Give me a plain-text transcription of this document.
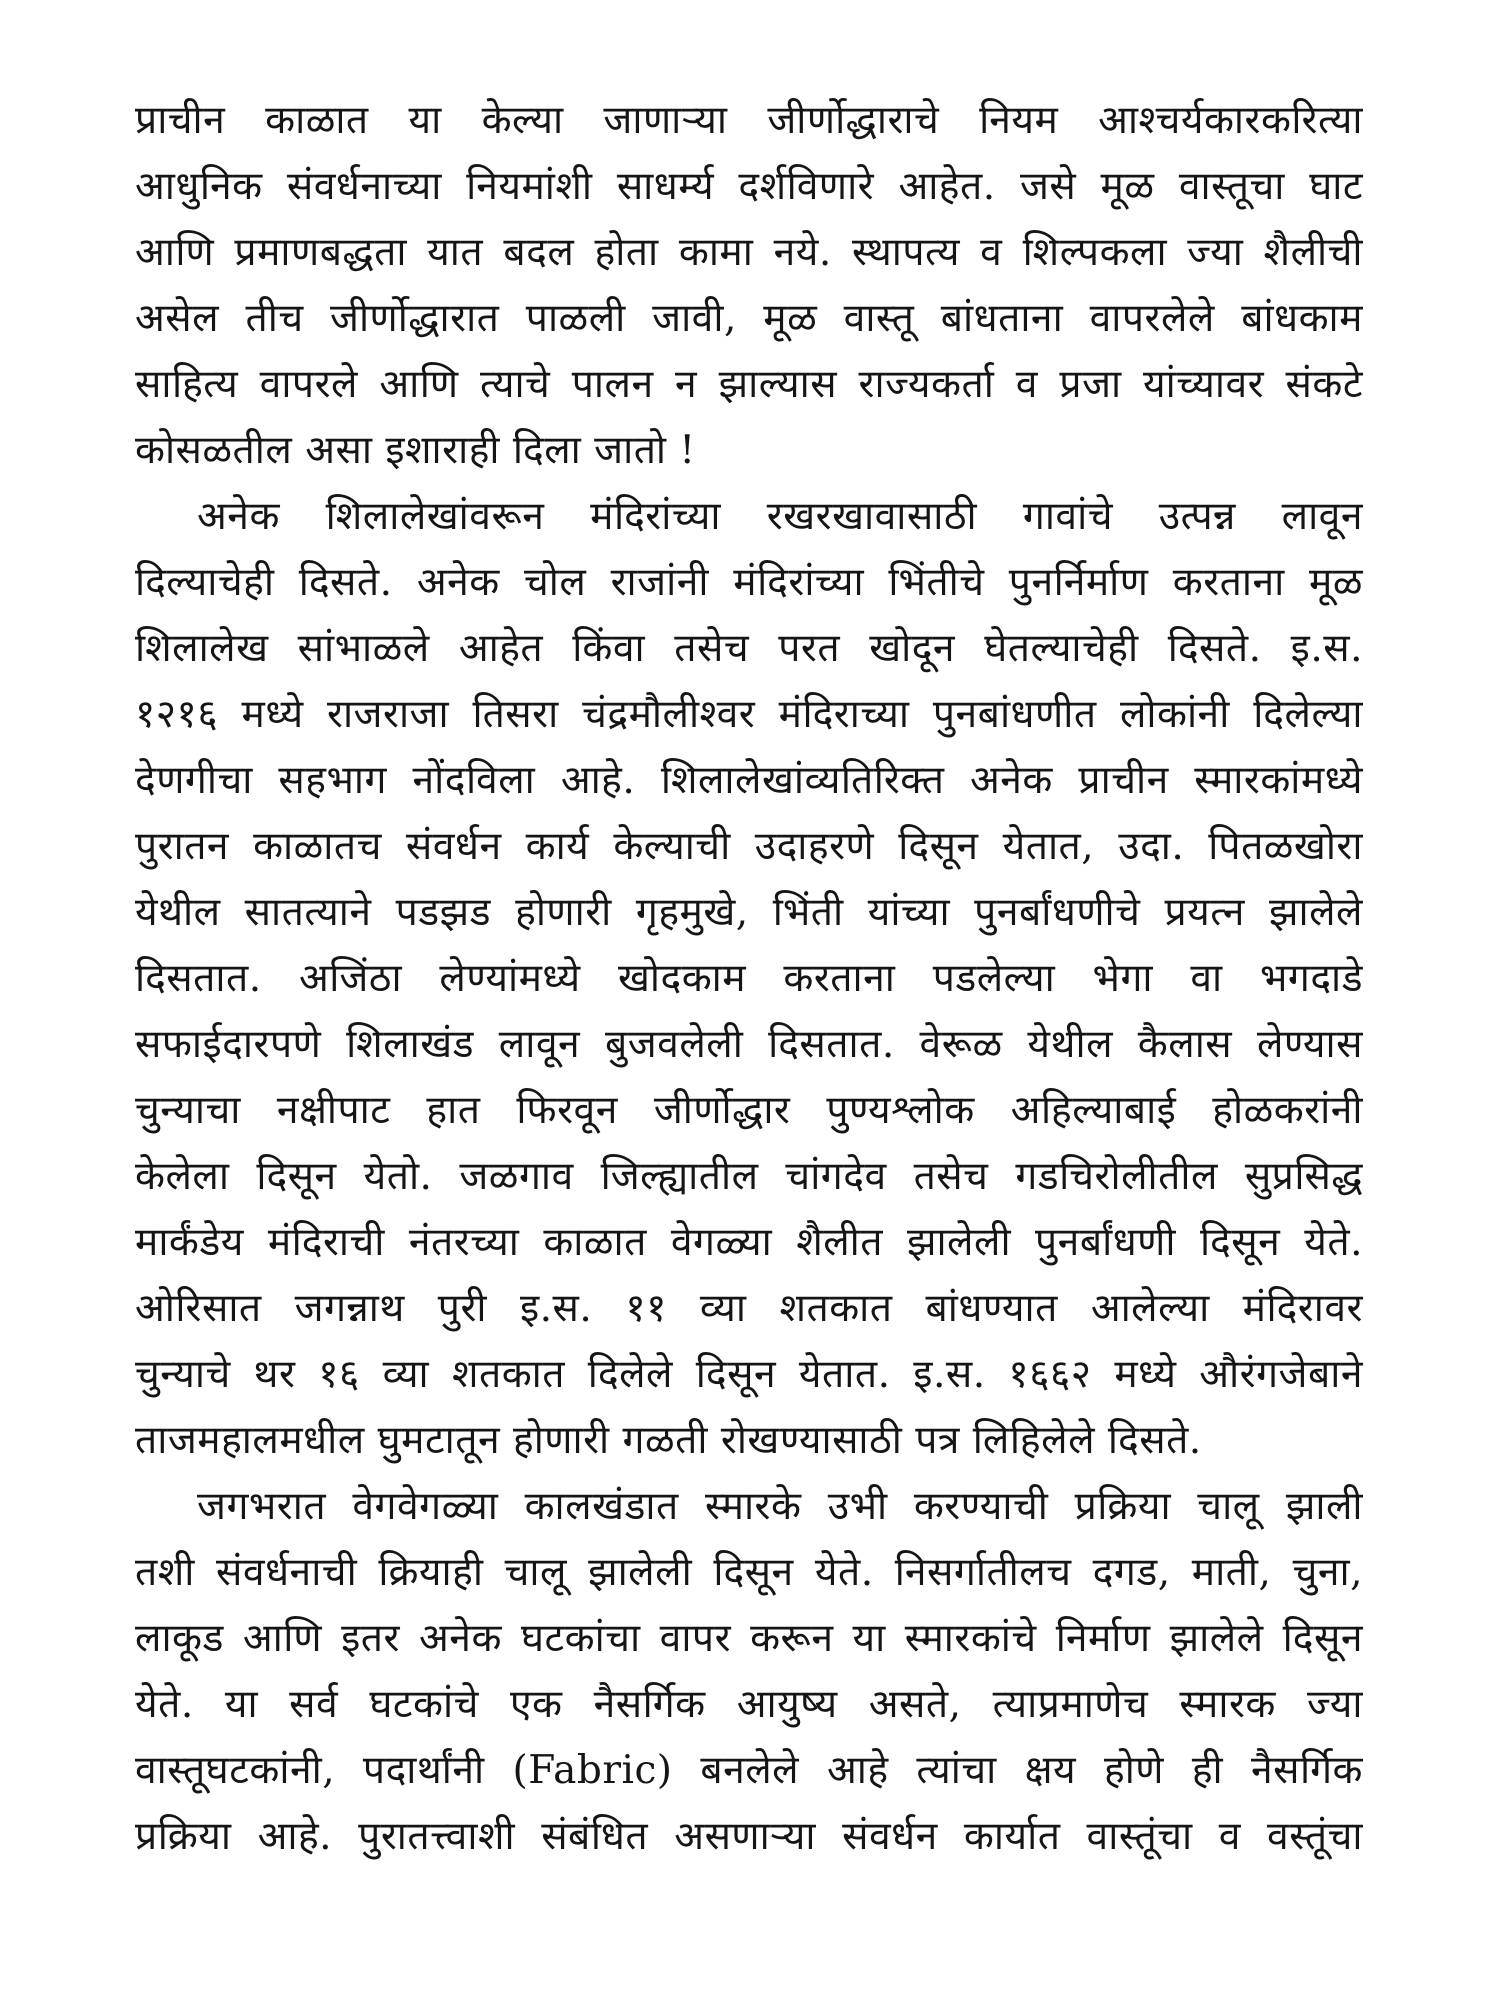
प्राचीन काळात या केल्या जाणाऱ्या जीर्णोद्धाराचे नियम आश्चर्यकारकरित्या
आधुनिक संवर्धनाच्या नियमांशी साधर्म्य दर्शविणारे आहेत. जसे मूळ वास्तूचा घाट
आणि प्रमाणबद्धता यात बदल होता कामा नये. स्थापत्य व शिल्पकला ज्या शैलीची
असेल तीच जीर्णोद्धारात पाळली जावी, मूळ वास्तू बांधताना वापरलेले बांधकाम
साहित्य वापरले आणि त्याचे पालन न झाल्यास राज्यकर्ता व प्रजा यांच्यावर संकटे
कोसळतील असा इशाराही दिला जातो !
अनेक शिलालेखांवरून मंदिरांच्या रखरखावासाठी गावांचे उत्पन्न लावून
दिल्याचेही दिसते. अनेक चोल राजांनी मंदिरांच्या भिंतीचे पुनर्निर्माण करताना मूळ
शिलालेख सांभाळले आहेत किंवा तसेच परत खोदून घेतल्याचेही दिसते. इ.स.
१२१६ मध्ये राजराजा तिसरा चंद्रमौलीश्वर मंदिराच्या पुनबांधणीत लोकांनी दिलेल्या
देणगीचा सहभाग नोंदविला आहे. शिलालेखांव्यतिरिक्त अनेक प्राचीन स्मारकांमध्ये
पुरातन काळातच संवर्धन कार्य केल्याची उदाहरणे दिसून येतात, उदा. पितळखोरा
येथील सातत्याने पडझड होणारी गृहमुखे, भिंती यांच्या पुनर्बांधणीचे प्रयत्न झालेले
दिसतात. अजिंठा लेण्यांमध्ये खोदकाम करताना पडलेल्या भेगा वा भगदाडे
सफाईदारपणे शिलाखंड लावून बुजवलेली दिसतात. वेरूळ येथील कैलास लेण्यास
चुन्याचा नक्षीपाट हात फिरवून जीर्णोद्धार पुण्यश्लोक अहिल्याबाई होळकरांनी
केलेला दिसून येतो. जळगाव जिल्ह्यातील चांगदेव तसेच गडचिरोलीतील सुप्रसिद्ध
मार्कंडेय मंदिराची नंतरच्या काळात वेगळ्या शैलीत झालेली पुनर्बांधणी दिसून येते.
ओरिसात जगन्नाथ पुरी इ.स. ११ व्या शतकात बांधण्यात आलेल्या मंदिरावर
चुन्याचे थर १६ व्या शतकात दिलेले दिसून येतात. इ.स. १६६२ मध्ये औरंगजेबाने
ताजमहालमधील घुमटातून होणारी गळती रोखण्यासाठी पत्र लिहिलेले दिसते.
जगभरात वेगवेगळ्या कालखंडात स्मारके उभी करण्याची प्रक्रिया चालू झाली
तशी संवर्धनाची क्रियाही चालू झालेली दिसून येते. निसर्गातीलच दगड, माती, चुना,
लाकूड आणि इतर अनेक घटकांचा वापर करून या स्मारकांचे निर्माण झालेले दिसून
येते. या सर्व घटकांचे एक नैसर्गिक आयुष्य असते, त्याप्रमाणेच स्मारक ज्या
वास्तूघटकांनी, पदार्थांनी (Fabric) बनलेले आहे त्यांचा क्षय होणे ही नैसर्गिक
प्रक्रिया आहे. पुरातत्त्वाशी संबंधित असणाऱ्या संवर्धन कार्यात वास्तूंचा व वस्तूंचा
